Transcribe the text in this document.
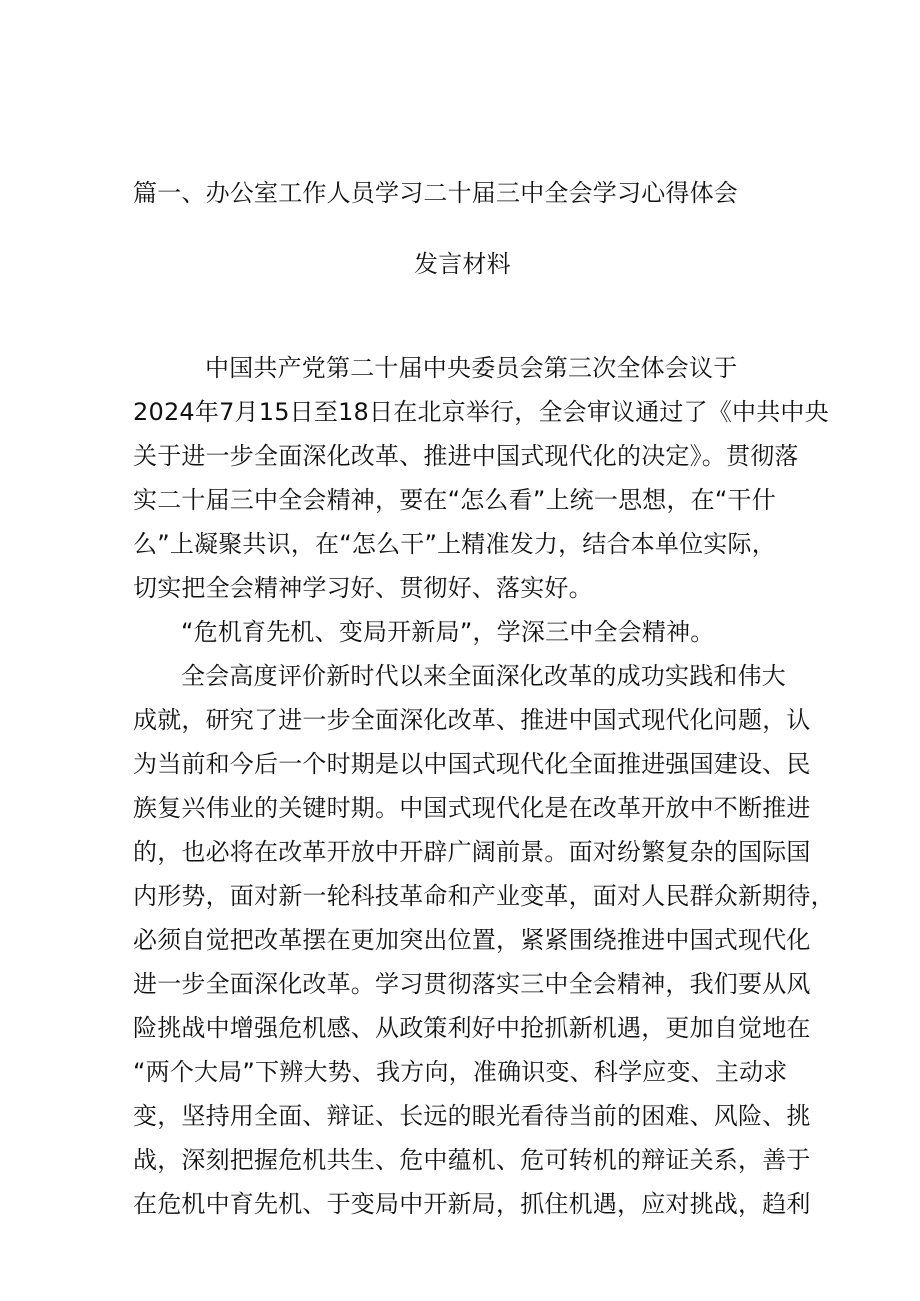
篇一、办公室工作人员学习二十届三中全会学习心得体会
发言材料
中国共产党第二十届中央委员会第三次全体会议于
2024年7月15日至18日在北京举行，全会审议通过了《中共中央
关于进一步全面深化改革、推进中国式现代化的决定》。贯彻落
实二十届三中全会精神，要在“怎么看”上统一思想，在“干什
么”上凝聚共识，在“怎么干”上精准发力，结合本单位实际，
切实把全会精神学习好、贯彻好、落实好。
“危机育先机、变局开新局”，学深三中全会精神。
全会高度评价新时代以来全面深化改革的成功实践和伟大
成就，研究了进一步全面深化改革、推进中国式现代化问题，认
为当前和今后一个时期是以中国式现代化全面推进强国建设、民
族复兴伟业的关键时期。中国式现代化是在改革开放中不断推进
的，也必将在改革开放中开辟广阔前景。面对纷繁复杂的国际国
内形势，面对新一轮科技革命和产业变革，面对人民群众新期待，
必须自觉把改革摆在更加突出位置，紧紧围绕推进中国式现代化
进一步全面深化改革。学习贯彻落实三中全会精神，我们要从风
险挑战中增强危机感、从政策利好中抢抓新机遇，更加自觉地在
“两个大局”下辨大势、我方向，准确识变、科学应变、主动求
变，坚持用全面、辩证、长远的眼光看待当前的困难、风险、挑
战，深刻把握危机共生、危中蕴机、危可转机的辩证关系，善于
在危机中育先机、于变局中开新局，抓住机遇，应对挑战，趋利
